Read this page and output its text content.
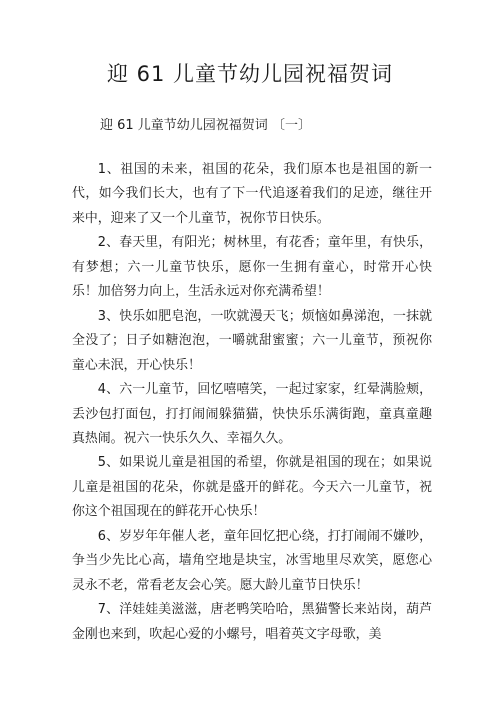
迎 61 儿童节幼儿园祝福贺词
迎 61 儿童节幼儿园祝福贺词 〔一〕

1、祖国的未来，祖国的花朵，我们原本也是祖国的新一代，如今我们长大，也有了下一代追逐着我们的足迹，继往开来中，迎来了又一个儿童节，祝你节日快乐。

2、春天里，有阳光；树林里，有花香；童年里，有快乐，有梦想；六一儿童节快乐，愿你一生拥有童心，时常开心快乐！加倍努力向上，生活永远对你充满希望！

3、快乐如肥皂泡，一吹就漫天飞；烦恼如鼻涕泡，一抹就全没了；日子如糖泡泡，一嚼就甜蜜蜜；六一儿童节，预祝你童心未泯，开心快乐！

4、六一儿童节，回忆嘻嘻笑，一起过家家，红晕满脸颊，丢沙包打面包，打打闹闹躲猫猫，快快乐乐满街跑，童真童趣真热闹。祝六一快乐久久、幸福久久。

5、如果说儿童是祖国的希望，你就是祖国的现在；如果说儿童是祖国的花朵，你就是盛开的鲜花。今天六一儿童节，祝你这个祖国现在的鲜花开心快乐！

6、岁岁年年催人老，童年回忆把心绕，打打闹闹不嫌吵，争当少先比心高，墙角空地是块宝，冰雪地里尽欢笑，愿您心灵永不老，常看老友会心笑。愿大龄儿童节日快乐！

7、洋娃娃美滋滋，唐老鸭笑哈哈，黑猫警长来站岗，葫芦金刚也来到，吹起心爱的小螺号，唱着英文字母歌，美
